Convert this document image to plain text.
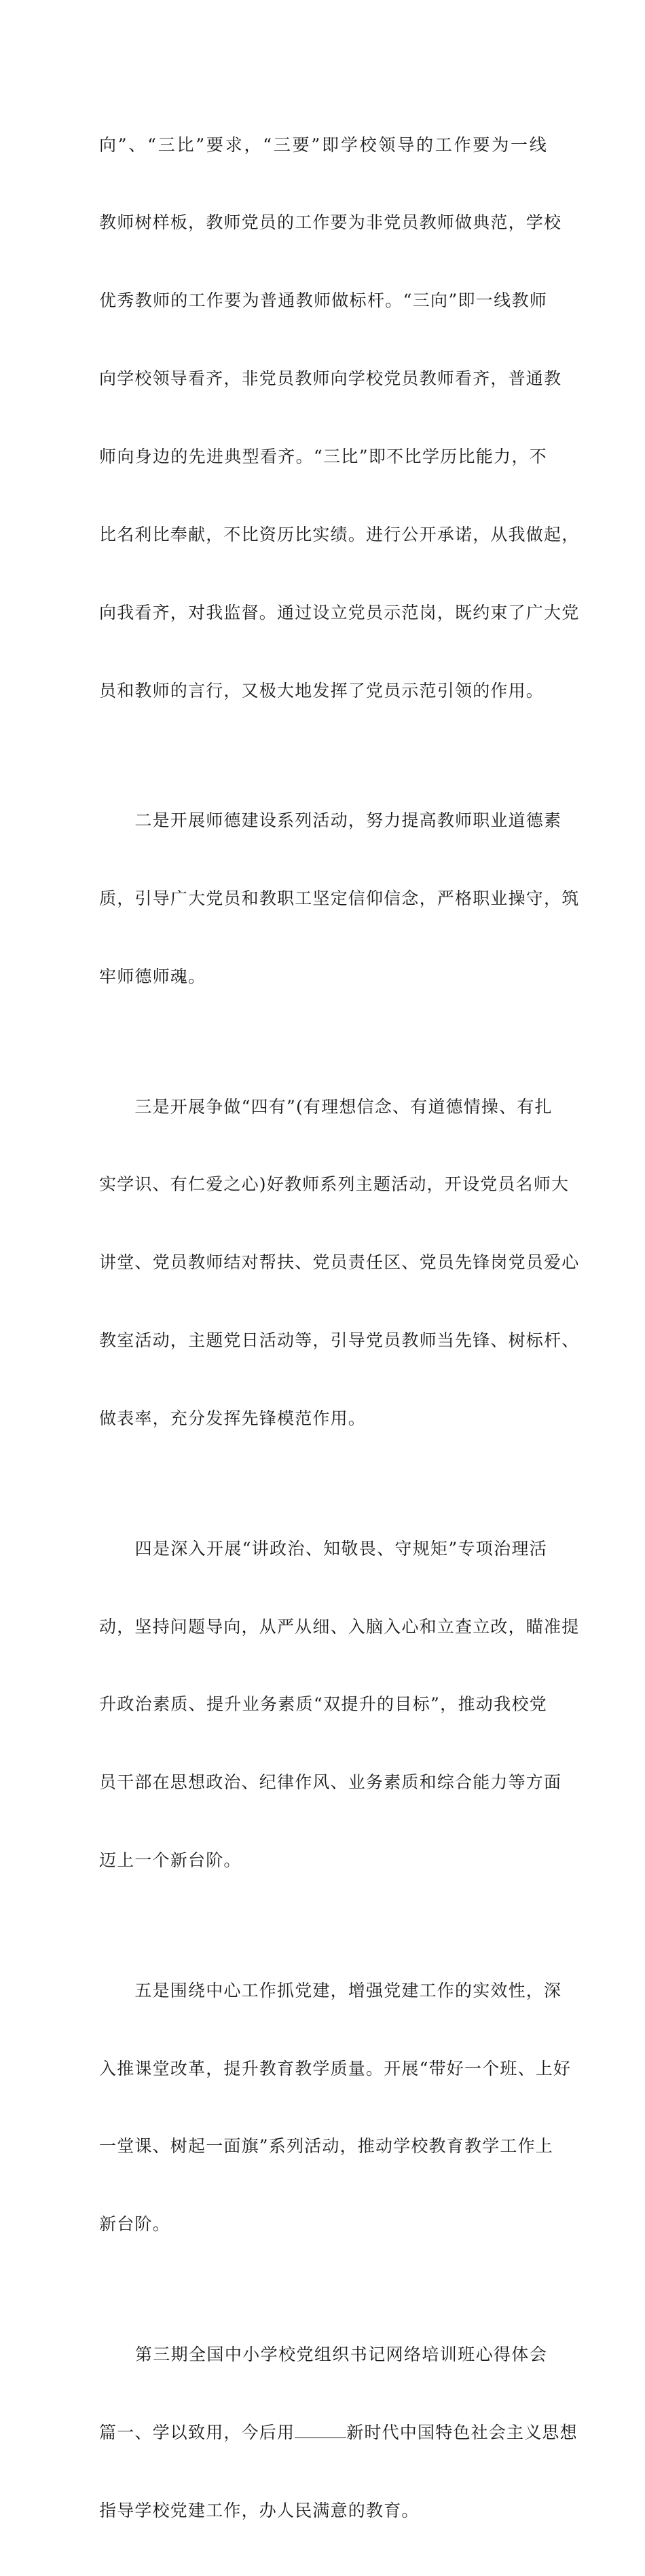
向”、“三比”要求，“三要”即学校领导的工作要为一线

教师树样板，教师党员的工作要为非党员教师做典范，学校

优秀教师的工作要为普通教师做标杆。“三向”即一线教师

向学校领导看齐，非党员教师向学校党员教师看齐，普通教

师向身边的先进典型看齐。“三比”即不比学历比能力，不

比名利比奉献，不比资历比实绩。进行公开承诺，从我做起，

向我看齐，对我监督。通过设立党员示范岗，既约束了广大党

员和教师的言行，又极大地发挥了党员示范引领的作用。

　　二是开展师德建设系列活动，努力提高教师职业道德素

质，引导广大党员和教职工坚定信仰信念，严格职业操守，筑

牢师德师魂。

　　三是开展争做“四有”(有理想信念、有道德情操、有扎

实学识、有仁爱之心)好教师系列主题活动，开设党员名师大

讲堂、党员教师结对帮扶、党员责任区、党员先锋岗党员爱心

教室活动，主题党日活动等，引导党员教师当先锋、树标杆、

做表率，充分发挥先锋模范作用。

　　四是深入开展“讲政治、知敬畏、守规矩”专项治理活

动，坚持问题导向，从严从细、入脑入心和立查立改，瞄准提

升政治素质、提升业务素质“双提升的目标”，推动我校党

员干部在思想政治、纪律作风、业务素质和综合能力等方面

迈上一个新台阶。

　　五是围绕中心工作抓党建，增强党建工作的实效性，深

入推课堂改革，提升教育教学质量。开展“带好一个班、上好

一堂课、树起一面旗”系列活动，推动学校教育教学工作上

新台阶。

　　第三期全国中小学校党组织书记网络培训班心得体会

篇一、学以致用，今后用	新时代中国特色社会主义思想

指导学校党建工作，办人民满意的教育。
